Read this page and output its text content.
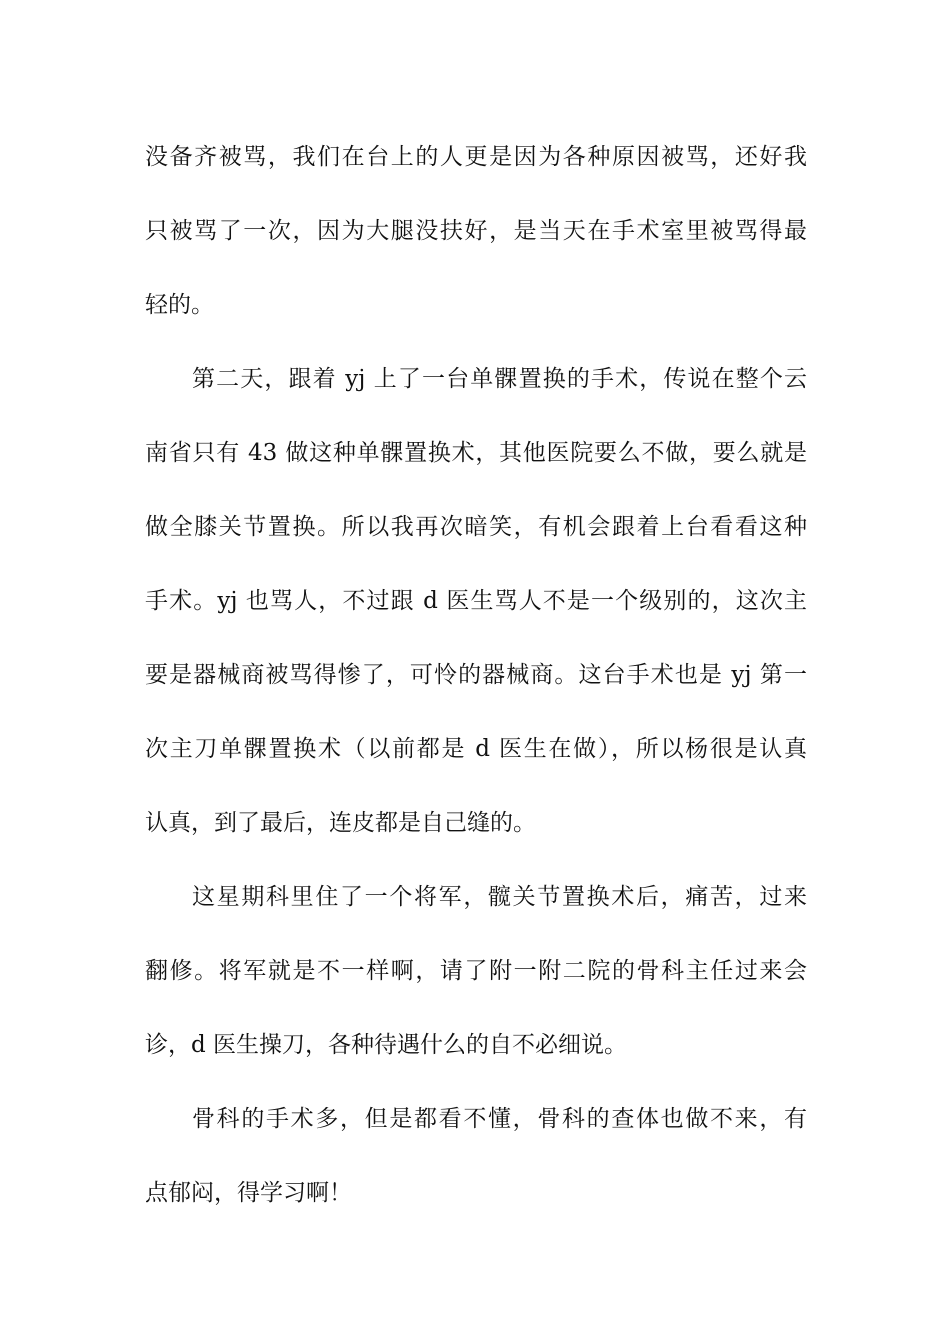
没备齐被骂，我们在台上的人更是因为各种原因被骂，还好我
只被骂了一次，因为大腿没扶好，是当天在手术室里被骂得最
轻的。
第二天，跟着 yj 上了一台单髁置换的手术，传说在整个云
南省只有 43 做这种单髁置换术，其他医院要么不做，要么就是
做全膝关节置换。所以我再次暗笑，有机会跟着上台看看这种
手术。yj 也骂人，不过跟 d 医生骂人不是一个级别的，这次主
要是器械商被骂得惨了，可怜的器械商。这台手术也是 yj 第一
次主刀单髁置换术（以前都是 d 医生在做），所以杨很是认真
认真，到了最后，连皮都是自己缝的。
这星期科里住了一个将军，髋关节置换术后，痛苦，过来
翻修。将军就是不一样啊，请了附一附二院的骨科主任过来会
诊，d 医生操刀，各种待遇什么的自不必细说。
骨科的手术多，但是都看不懂，骨科的查体也做不来，有
点郁闷，得学习啊！
